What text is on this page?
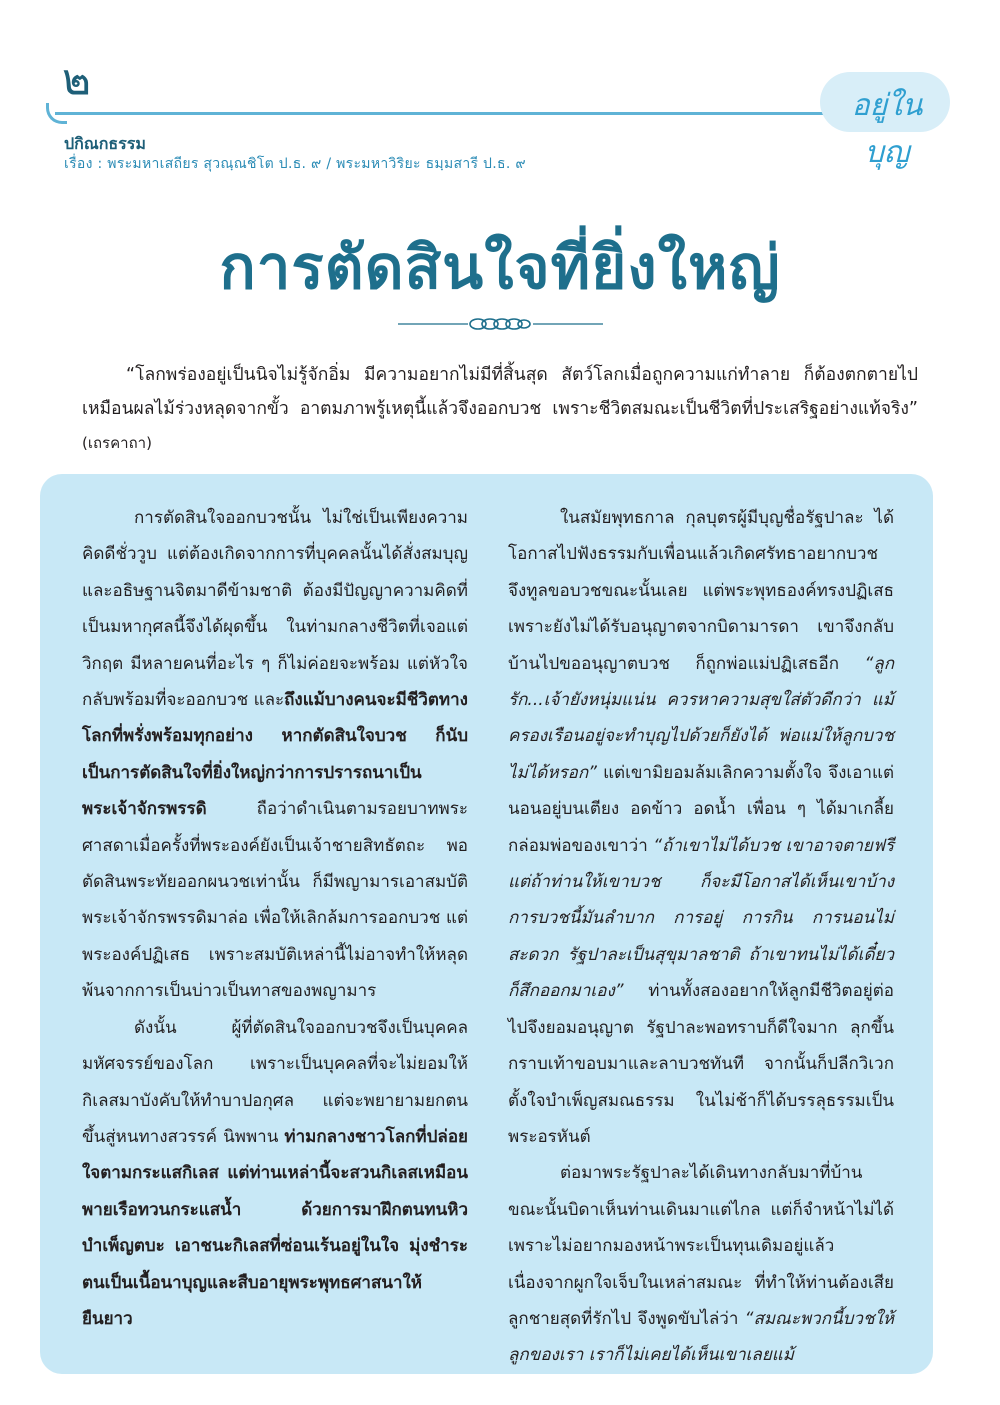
๒
อยู่ในบุญ
ปกิณกธรรม
เรื่อง : พระมหาเสถียร สุวณฺณชิโต ป.ธ. ๙ / พระมหาวิริยะ ธมฺมสารี ป.ธ. ๙
การตัดสินใจที่ยิ่งใหญ่
“โลกพร่องอยู่เป็นนิจไม่รู้จักอิ่ม มีความอยากไม่มีที่สิ้นสุด สัตว์โลกเมื่อถูกความแก่ทำลาย ก็ต้องตกตายไปเหมือนผลไม้ร่วงหลุดจากขั้ว อาตมภาพรู้เหตุนี้แล้วจึงออกบวช เพราะชีวิตสมณะเป็นชีวิตที่ประเสริฐอย่างแท้จริง” (เถรคาถา)

การตัดสินใจออกบวชนั้น ไม่ใช่เป็นเพียงความคิดดีชั่ววูบ แต่ต้องเกิดจากการที่บุคคลนั้นได้สั่งสมบุญและอธิษฐานจิตมาดีข้ามชาติ ต้องมีปัญญาความคิดที่เป็นมหากุศลนี้จึงได้ผุดขึ้น ในท่ามกลางชีวิตที่เจอแต่วิกฤต มีหลายคนที่อะไร ๆ ก็ไม่ค่อยจะพร้อม แต่หัวใจกลับพร้อมที่จะออกบวช และถึงแม้บางคนจะมีชีวิตทางโลกที่พรั่งพร้อมทุกอย่าง หากตัดสินใจบวช ก็นับเป็นการตัดสินใจที่ยิ่งใหญ่กว่าการปรารถนาเป็นพระเจ้าจักรพรรดิ ถือว่าดำเนินตามรอยบาทพระศาสดาเมื่อครั้งที่พระองค์ยังเป็นเจ้าชายสิทธัตถะ พอตัดสินพระทัยออกผนวชเท่านั้น ก็มีพญามารเอาสมบัติพระเจ้าจักรพรรดิมาล่อ เพื่อให้เลิกล้มการออกบวช แต่พระองค์ปฏิเสธ เพราะสมบัติเหล่านี้ไม่อาจทำให้หลุดพ้นจากการเป็นบ่าวเป็นทาสของพญามาร

ดังนั้น ผู้ที่ตัดสินใจออกบวชจึงเป็นบุคคลมหัศจรรย์ของโลก เพราะเป็นบุคคลที่จะไม่ยอมให้กิเลสมาบังคับให้ทำบาปอกุศล แต่จะพยายามยกตนขึ้นสู่หนทางสวรรค์ นิพพาน ท่ามกลางชาวโลกที่ปล่อยใจตามกระแสกิเลส แต่ท่านเหล่านี้จะสวนกิเลสเหมือนพายเรือทวนกระแสน้ำ ด้วยการมาฝึกตนทนหิว บำเพ็ญตบะ เอาชนะกิเลสที่ซ่อนเร้นอยู่ในใจ มุ่งชำระตนเป็นเนื้อนาบุญและสืบอายุพระพุทธศาสนาให้ยืนยาว

ในสมัยพุทธกาล กุลบุตรผู้มีบุญชื่อรัฐปาละ ได้โอกาสไปฟังธรรมกับเพื่อนแล้วเกิดศรัทธาอยากบวชจึงทูลขอบวชขณะนั้นเลย แต่พระพุทธองค์ทรงปฏิเสธเพราะยังไม่ได้รับอนุญาตจากบิดามารดา เขาจึงกลับบ้านไปขออนุญาตบวช ก็ถูกพ่อแม่ปฏิเสธอีก “ลูกรัก...เจ้ายังหนุ่มแน่น ควรหาความสุขใส่ตัวดีกว่า แม้ครองเรือนอยู่จะทำบุญไปด้วยก็ยังได้ พ่อแม่ให้ลูกบวชไม่ได้หรอก” แต่เขามิยอมล้มเลิกความตั้งใจ จึงเอาแต่นอนอยู่บนเตียง อดข้าว อดน้ำ เพื่อน ๆ ได้มาเกลี้ยกล่อมพ่อของเขาว่า “ถ้าเขาไม่ได้บวช เขาอาจตายฟรี แต่ถ้าท่านให้เขาบวช ก็จะมีโอกาสได้เห็นเขาบ้าง การบวชนี้มันลำบาก การอยู่ การกิน การนอนไม่สะดวก รัฐปาละเป็นสุขุมาลชาติ ถ้าเขาทนไม่ได้เดี๋ยวก็สึกออกมาเอง” ท่านทั้งสองอยากให้ลูกมีชีวิตอยู่ต่อไปจึงยอมอนุญาต รัฐปาละพอทราบก็ดีใจมาก ลุกขึ้นกราบเท้าขอบมาและลาบวชทันที จากนั้นก็ปลีกวิเวกตั้งใจบำเพ็ญสมณธรรม ในไม่ช้าก็ได้บรรลุธรรมเป็นพระอรหันต์

ต่อมาพระรัฐปาละได้เดินทางกลับมาที่บ้าน ขณะนั้นบิดาเห็นท่านเดินมาแต่ไกล แต่ก็จำหน้าไม่ได้ เพราะไม่อยากมองหน้าพระเป็นทุนเดิมอยู่แล้ว เนื่องจากผูกใจเจ็บในเหล่าสมณะ ที่ทำให้ท่านต้องเสียลูกชายสุดที่รักไป จึงพูดขับไล่ว่า “สมณะพวกนี้บวชให้ลูกของเรา เราก็ไม่เคยได้เห็นเขาเลยแม้
